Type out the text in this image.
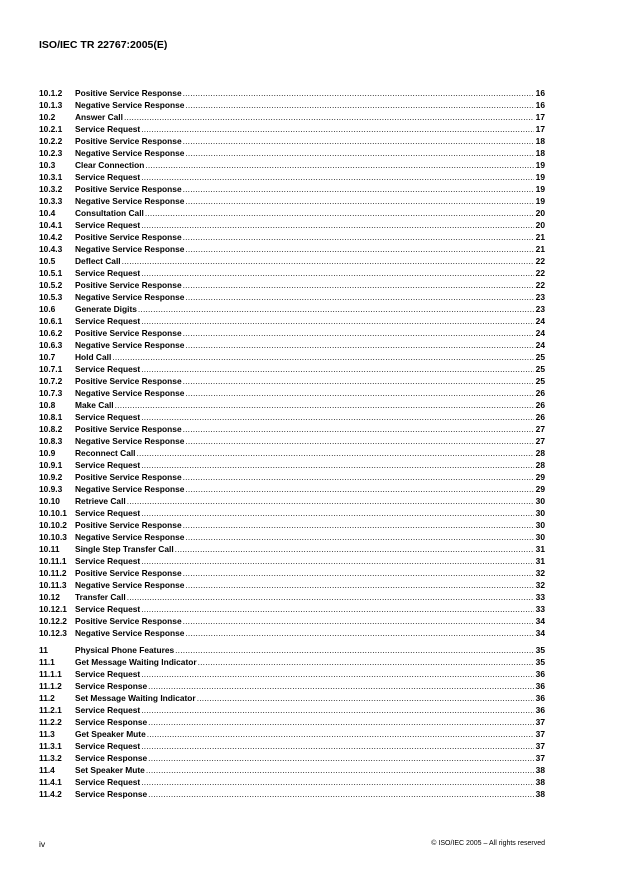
ISO/IEC TR 22767:2005(E)
10.1.2	Positive Service Response .....	16
10.1.3	Negative Service Response .....	16
10.2	Answer Call .....	17
10.2.1	Service Request .....	17
10.2.2	Positive Service Response .....	18
10.2.3	Negative Service Response .....	18
10.3	Clear Connection .....	19
10.3.1	Service Request .....	19
10.3.2	Positive Service Response .....	19
10.3.3	Negative Service Response .....	19
10.4	Consultation Call .....	20
10.4.1	Service Request .....	20
10.4.2	Positive Service Response .....	21
10.4.3	Negative Service Response .....	21
10.5	Deflect Call .....	22
10.5.1	Service Request .....	22
10.5.2	Positive Service Response .....	22
10.5.3	Negative Service Response .....	23
10.6	Generate Digits .....	23
10.6.1	Service Request .....	24
10.6.2	Positive Service Response .....	24
10.6.3	Negative Service Response .....	24
10.7	Hold Call .....	25
10.7.1	Service Request .....	25
10.7.2	Positive Service Response .....	25
10.7.3	Negative Service Response .....	26
10.8	Make Call .....	26
10.8.1	Service Request .....	26
10.8.2	Positive Service Response .....	27
10.8.3	Negative Service Response .....	27
10.9	Reconnect Call .....	28
10.9.1	Service Request .....	28
10.9.2	Positive Service Response .....	29
10.9.3	Negative Service Response .....	29
10.10	Retrieve Call .....	30
10.10.1 Service Request .....	30
10.10.2 Positive Service Response .....	30
10.10.3 Negative Service Response .....	30
10.11	Single Step Transfer Call .....	31
10.11.1	Service Request .....	31
10.11.2	Positive Service Response .....	32
10.11.3	Negative Service Response .....	32
10.12	Transfer Call .....	33
10.12.1 Service Request .....	33
10.12.2 Positive Service Response .....	34
10.12.3 Negative Service Response .....	34
11	Physical Phone Features .....	35
11.1	Get Message Waiting Indicator .....	35
11.1.1	Service Request .....	36
11.1.2	Service Response .....	36
11.2	Set Message Waiting Indicator .....	36
11.2.1	Service Request .....	36
11.2.2	Service Response .....	37
11.3	Get Speaker Mute .....	37
11.3.1	Service Request .....	37
11.3.2	Service Response .....	37
11.4	Set Speaker Mute .....	38
11.4.1	Service Request .....	38
11.4.2	Service Response .....	38
iv	© ISO/IEC 2005 – All rights reserved
